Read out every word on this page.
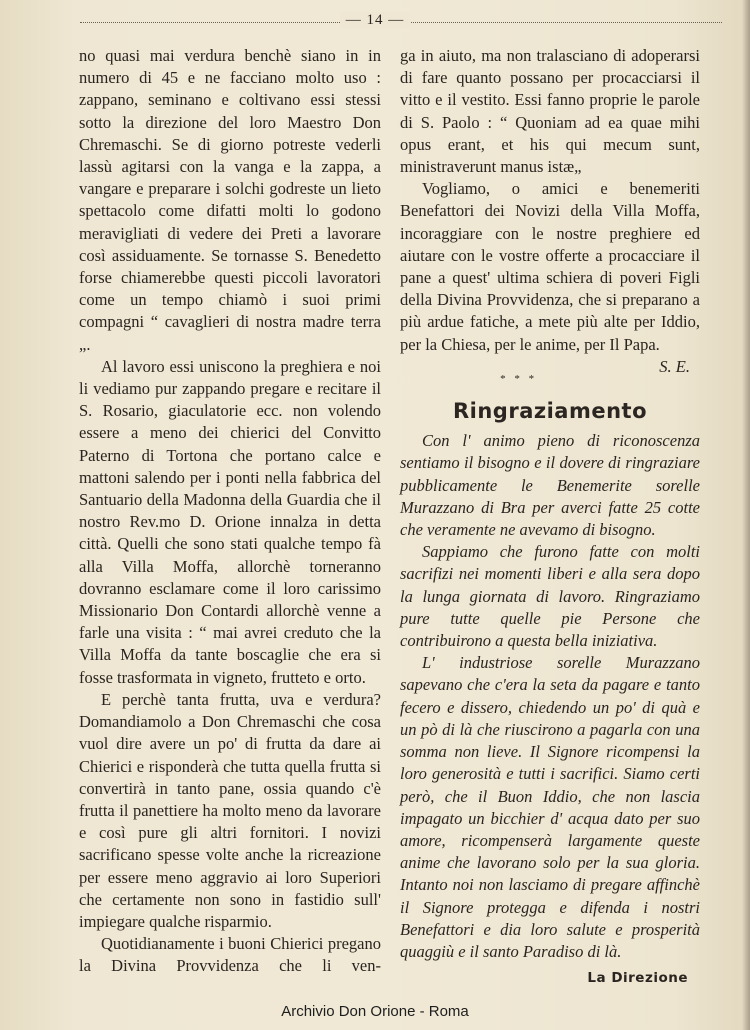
— 14 —

no quasi mai verdura benchè siano in in numero di 45 e ne facciano molto uso : zappano, seminano e coltivano essi stessi sotto la direzione del loro Maestro Don Chremaschi. Se di giorno potreste vederli lassù agitarsi con la vanga e la zappa, a vangare e preparare i solchi godreste un lieto spettacolo come difatti molti lo godono meravigliati di vedere dei Preti a lavorare così assiduamente. Se tornasse S. Benedetto forse chiamerebbe questi piccoli lavoratori come un tempo chiamò i suoi primi compagni “ cavaglieri di nostra madre terra „.

Al lavoro essi uniscono la preghiera e noi li vediamo pur zappando pregare e recitare il S. Rosario, giaculatorie ecc. non volendo essere a meno dei chierici del Convitto Paterno di Tortona che portano calce e mattoni salendo per i ponti nella fabbrica del Santuario della Madonna della Guardia che il nostro Rev.mo D. Orione innalza in detta città. Quelli che sono stati qualche tempo fà alla Villa Moffa, allorchè torneranno dovranno esclamare come il loro carissimo Missionario Don Contardi allorchè venne a farle una visita : “ mai avrei creduto che la Villa Moffa da tante boscaglie che era si fosse trasformata in vigneto, frutteto e orto.

E perchè tanta frutta, uva e verdura? Domandiamolo a Don Chremaschi che cosa vuol dire avere un po' di frutta da dare ai Chierici e risponderà che tutta quella frutta si convertirà in tanto pane, ossia quando c'è frutta il panettiere ha molto meno da lavorare e così pure gli altri fornitori. I novizi sacrificano spesse volte anche la ricreazione per essere meno aggravio ai loro Superiori che certamente non sono in fastidio sull' impiegare qualche risparmio.

Quotidianamente i buoni Chierici pregano la Divina Provvidenza che li ven-

ga in aiuto, ma non tralasciano di adoperarsi di fare quanto possano per procacciarsi il vitto e il vestito. Essi fanno proprie le parole di S. Paolo : “ Quoniam ad ea quae mihi opus erant, et his qui mecum sunt, ministraverunt manus istæ„

Vogliamo, o amici e benemeriti Benefattori dei Novizi della Villa Moffa, incoraggiare con le nostre preghiere ed aiutare con le vostre offerte a procacciare il pane a quest' ultima schiera di poveri Figli della Divina Provvidenza, che si preparano a più ardue fatiche, a mete più alte per Iddio, per la Chiesa, per le anime, per Il Papa.
S. E.

* * *
Ringraziamento

Con l' animo pieno di riconoscenza sentiamo il bisogno e il dovere di ringraziare pubblicamente le Benemerite sorelle Murazzano di Bra per averci fatte 25 cotte che veramente ne avevamo di bisogno.

Sappiamo che furono fatte con molti sacrifizi nei momenti liberi e alla sera dopo la lunga giornata di lavoro. Ringraziamo pure tutte quelle pie Persone che contribuirono a questa bella iniziativa.

L' industriose sorelle Murazzano sapevano che c'era la seta da pagare e tanto fecero e dissero, chiedendo un po' di quà e un pò di là che riuscirono a pagarla con una somma non lieve. Il Signore ricompensi la loro generosità e tutti i sacrifici. Siamo certi però, che il Buon Iddio, che non lascia impagato un bicchier d' acqua dato per suo amore, ricompenserà largamente queste anime che lavorano solo per la sua gloria. Intanto noi non lasciamo di pregare affinchè il Signore protegga e difenda i nostri Benefattori e dia loro salute e prosperità quaggiù e il santo Paradiso di là.

La Direzione
Archivio Don Orione - Roma
